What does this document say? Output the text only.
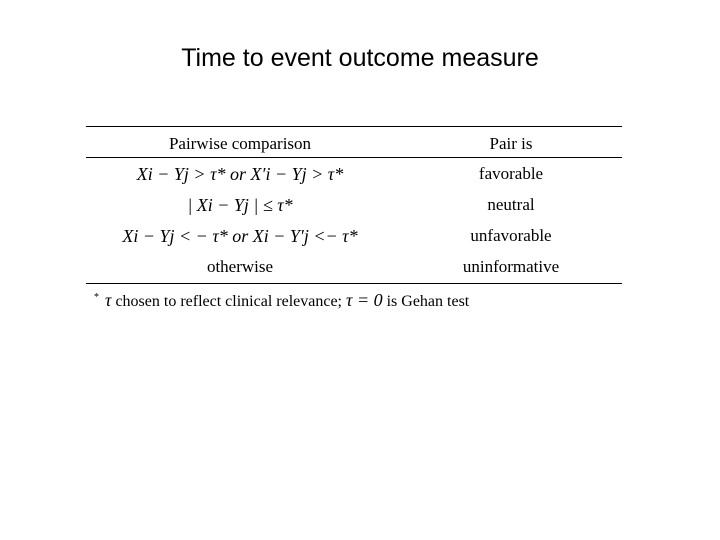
Time to event outcome measure
Pairwise comparison	Pair is
Xi − Yj > τ* or X′i − Yj > τ*	favorable
| Xi − Yj | ≤ τ*	neutral
Xi − Yj < − τ* or Xi − Y′j <− τ*	unfavorable
otherwise	uninformative
* τ chosen to reflect clinical relevance; τ = 0 is Gehan test
